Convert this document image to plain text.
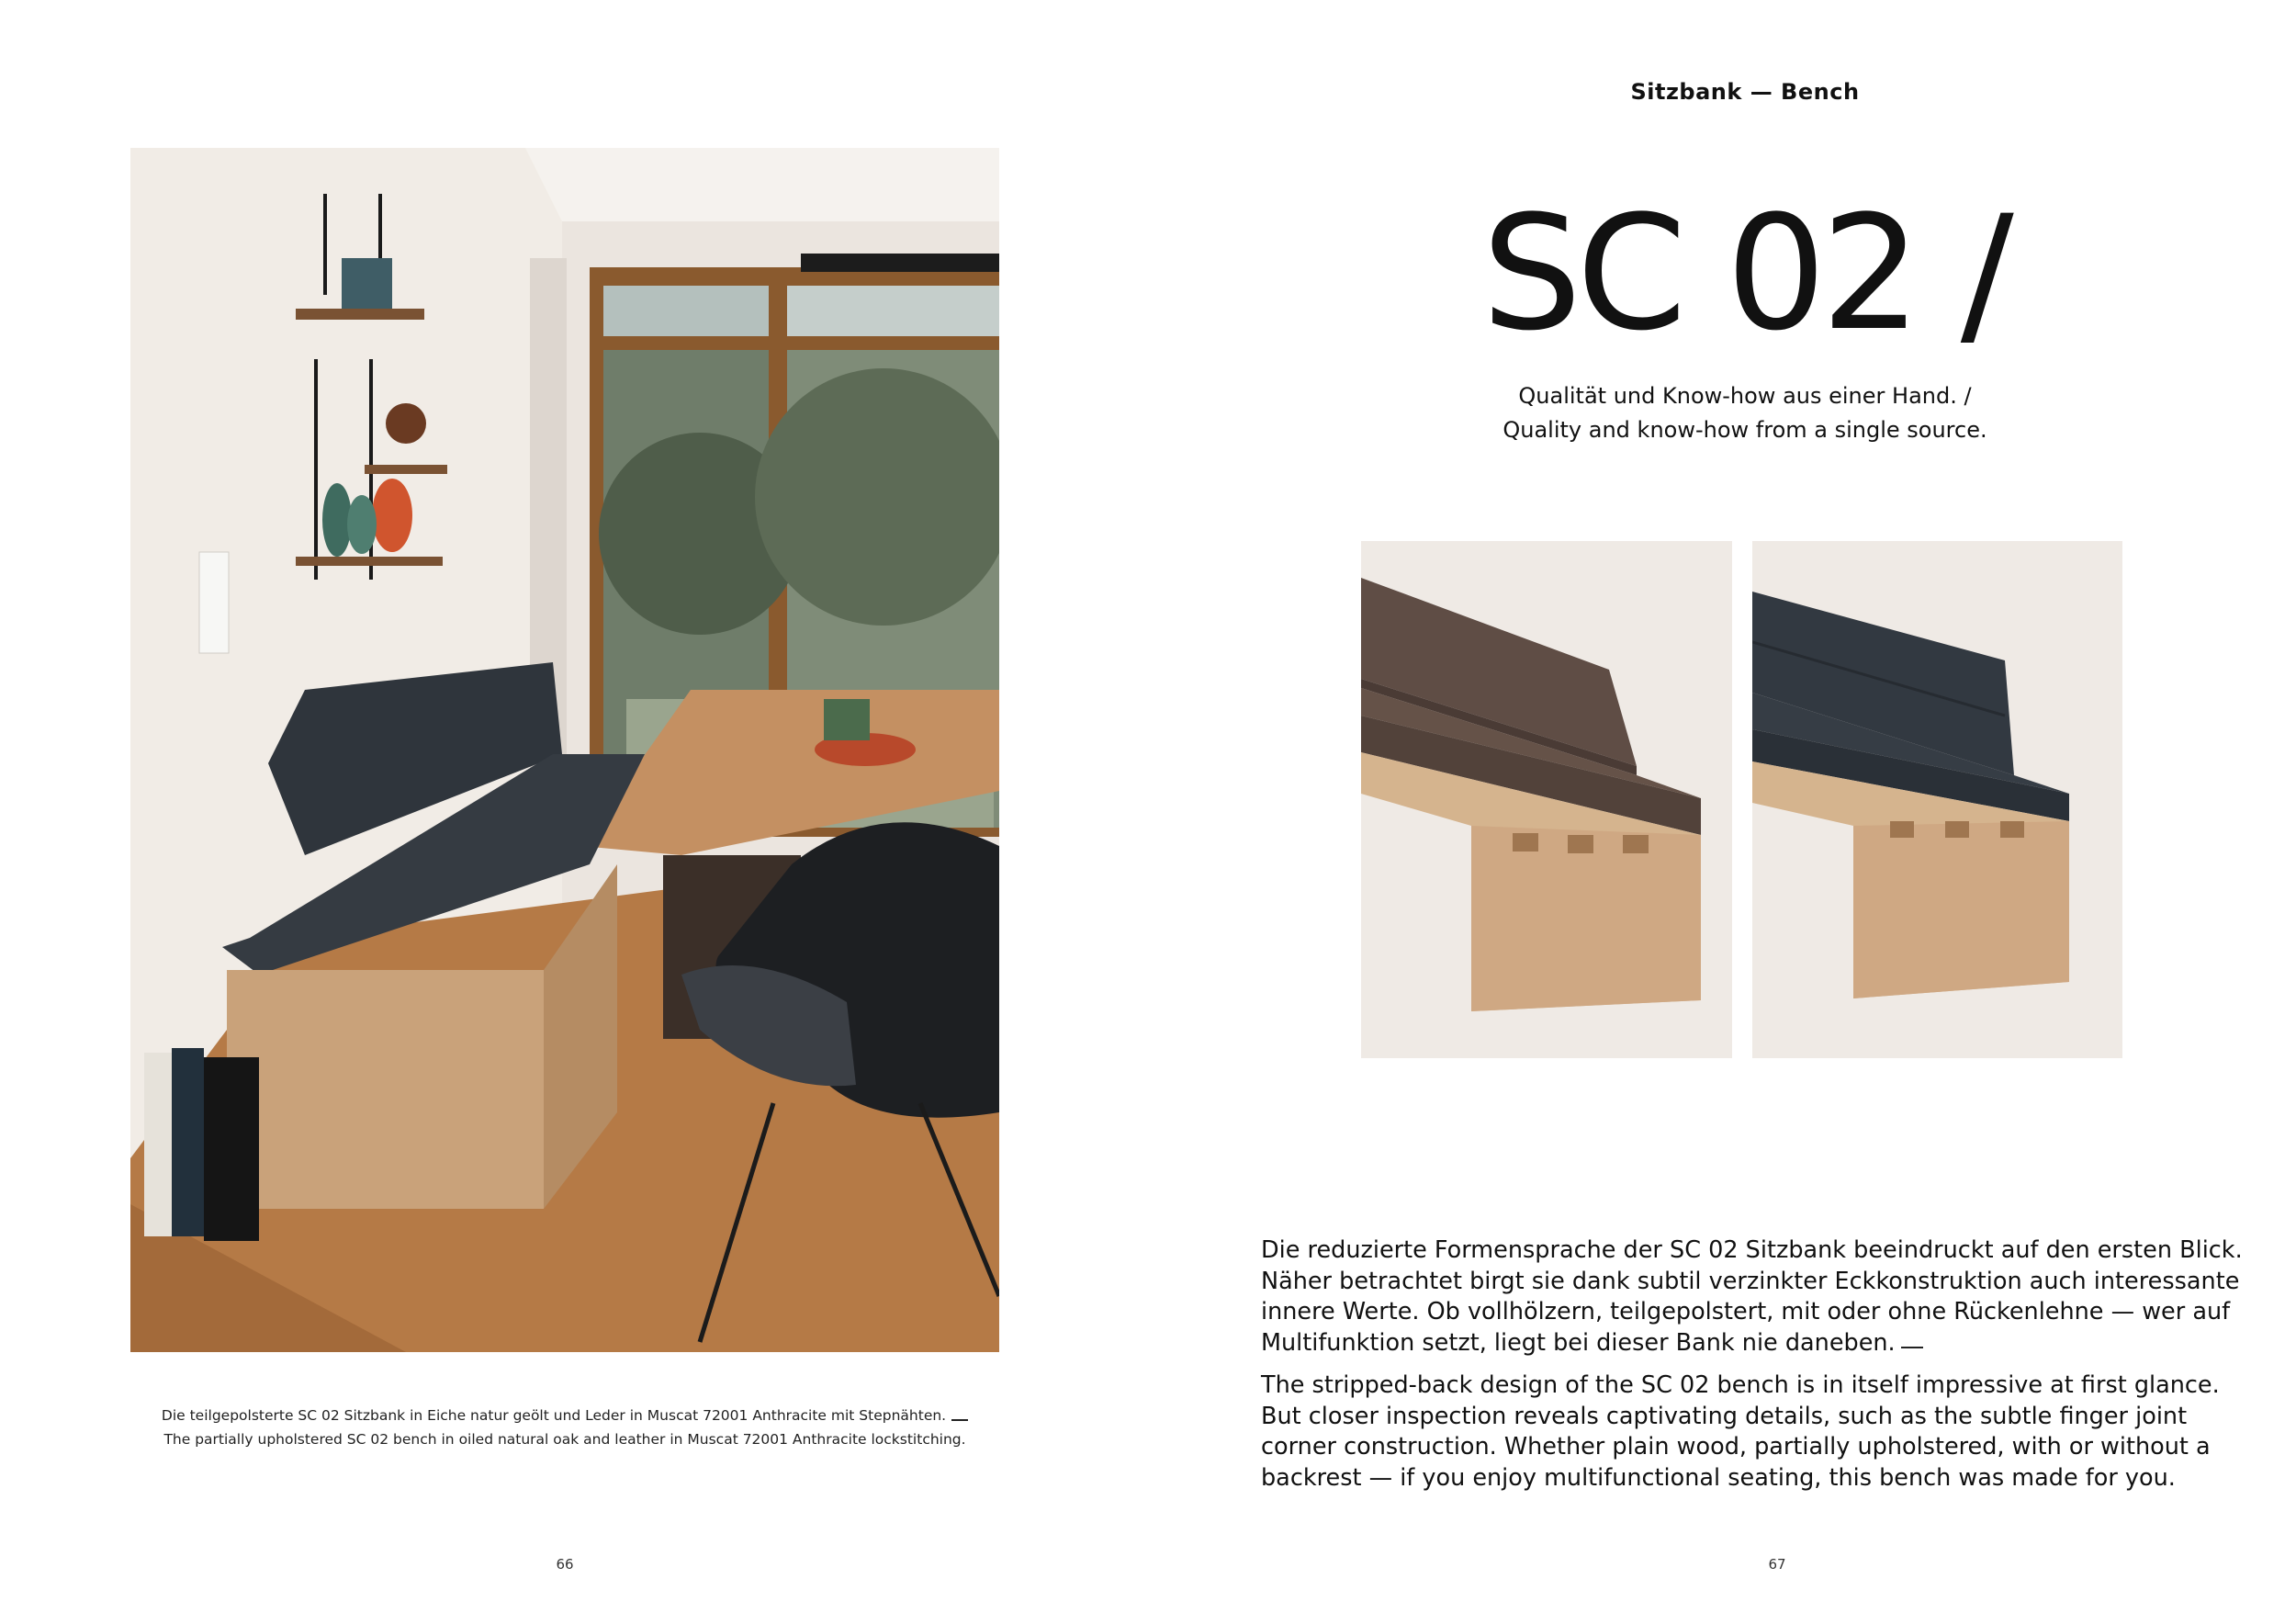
Die teilgepolsterte SC 02 Sitzbank in Eiche natur geölt und Leder in Muscat 72001 Anthracite mit Stepnähten.
The partially upholstered SC 02 bench in oiled natural oak and leather in Muscat 72001 Anthracite lockstitching.
66
Sitzbank — Bench
SC 02 /
Qualität und Know-how aus einer Hand. /
Quality and know-how from a single source.
Die reduzierte Formensprache der SC 02 Sitzbank beeindruckt auf den ersten Blick.
Näher betrachtet birgt sie dank subtil verzinkter Eckkonstruktion auch interessante
innere Werte. Ob vollhölzern, teilgepolstert, mit oder ohne Rückenlehne — wer auf
Multifunktion setzt, liegt bei dieser Bank nie daneben.
The stripped-back design of the SC 02 bench is in itself impressive at first glance.
But closer inspection reveals captivating details, such as the subtle finger joint
corner construction. Whether plain wood, partially upholstered, with or without a
backrest — if you enjoy multifunctional seating, this bench was made for you.
67
